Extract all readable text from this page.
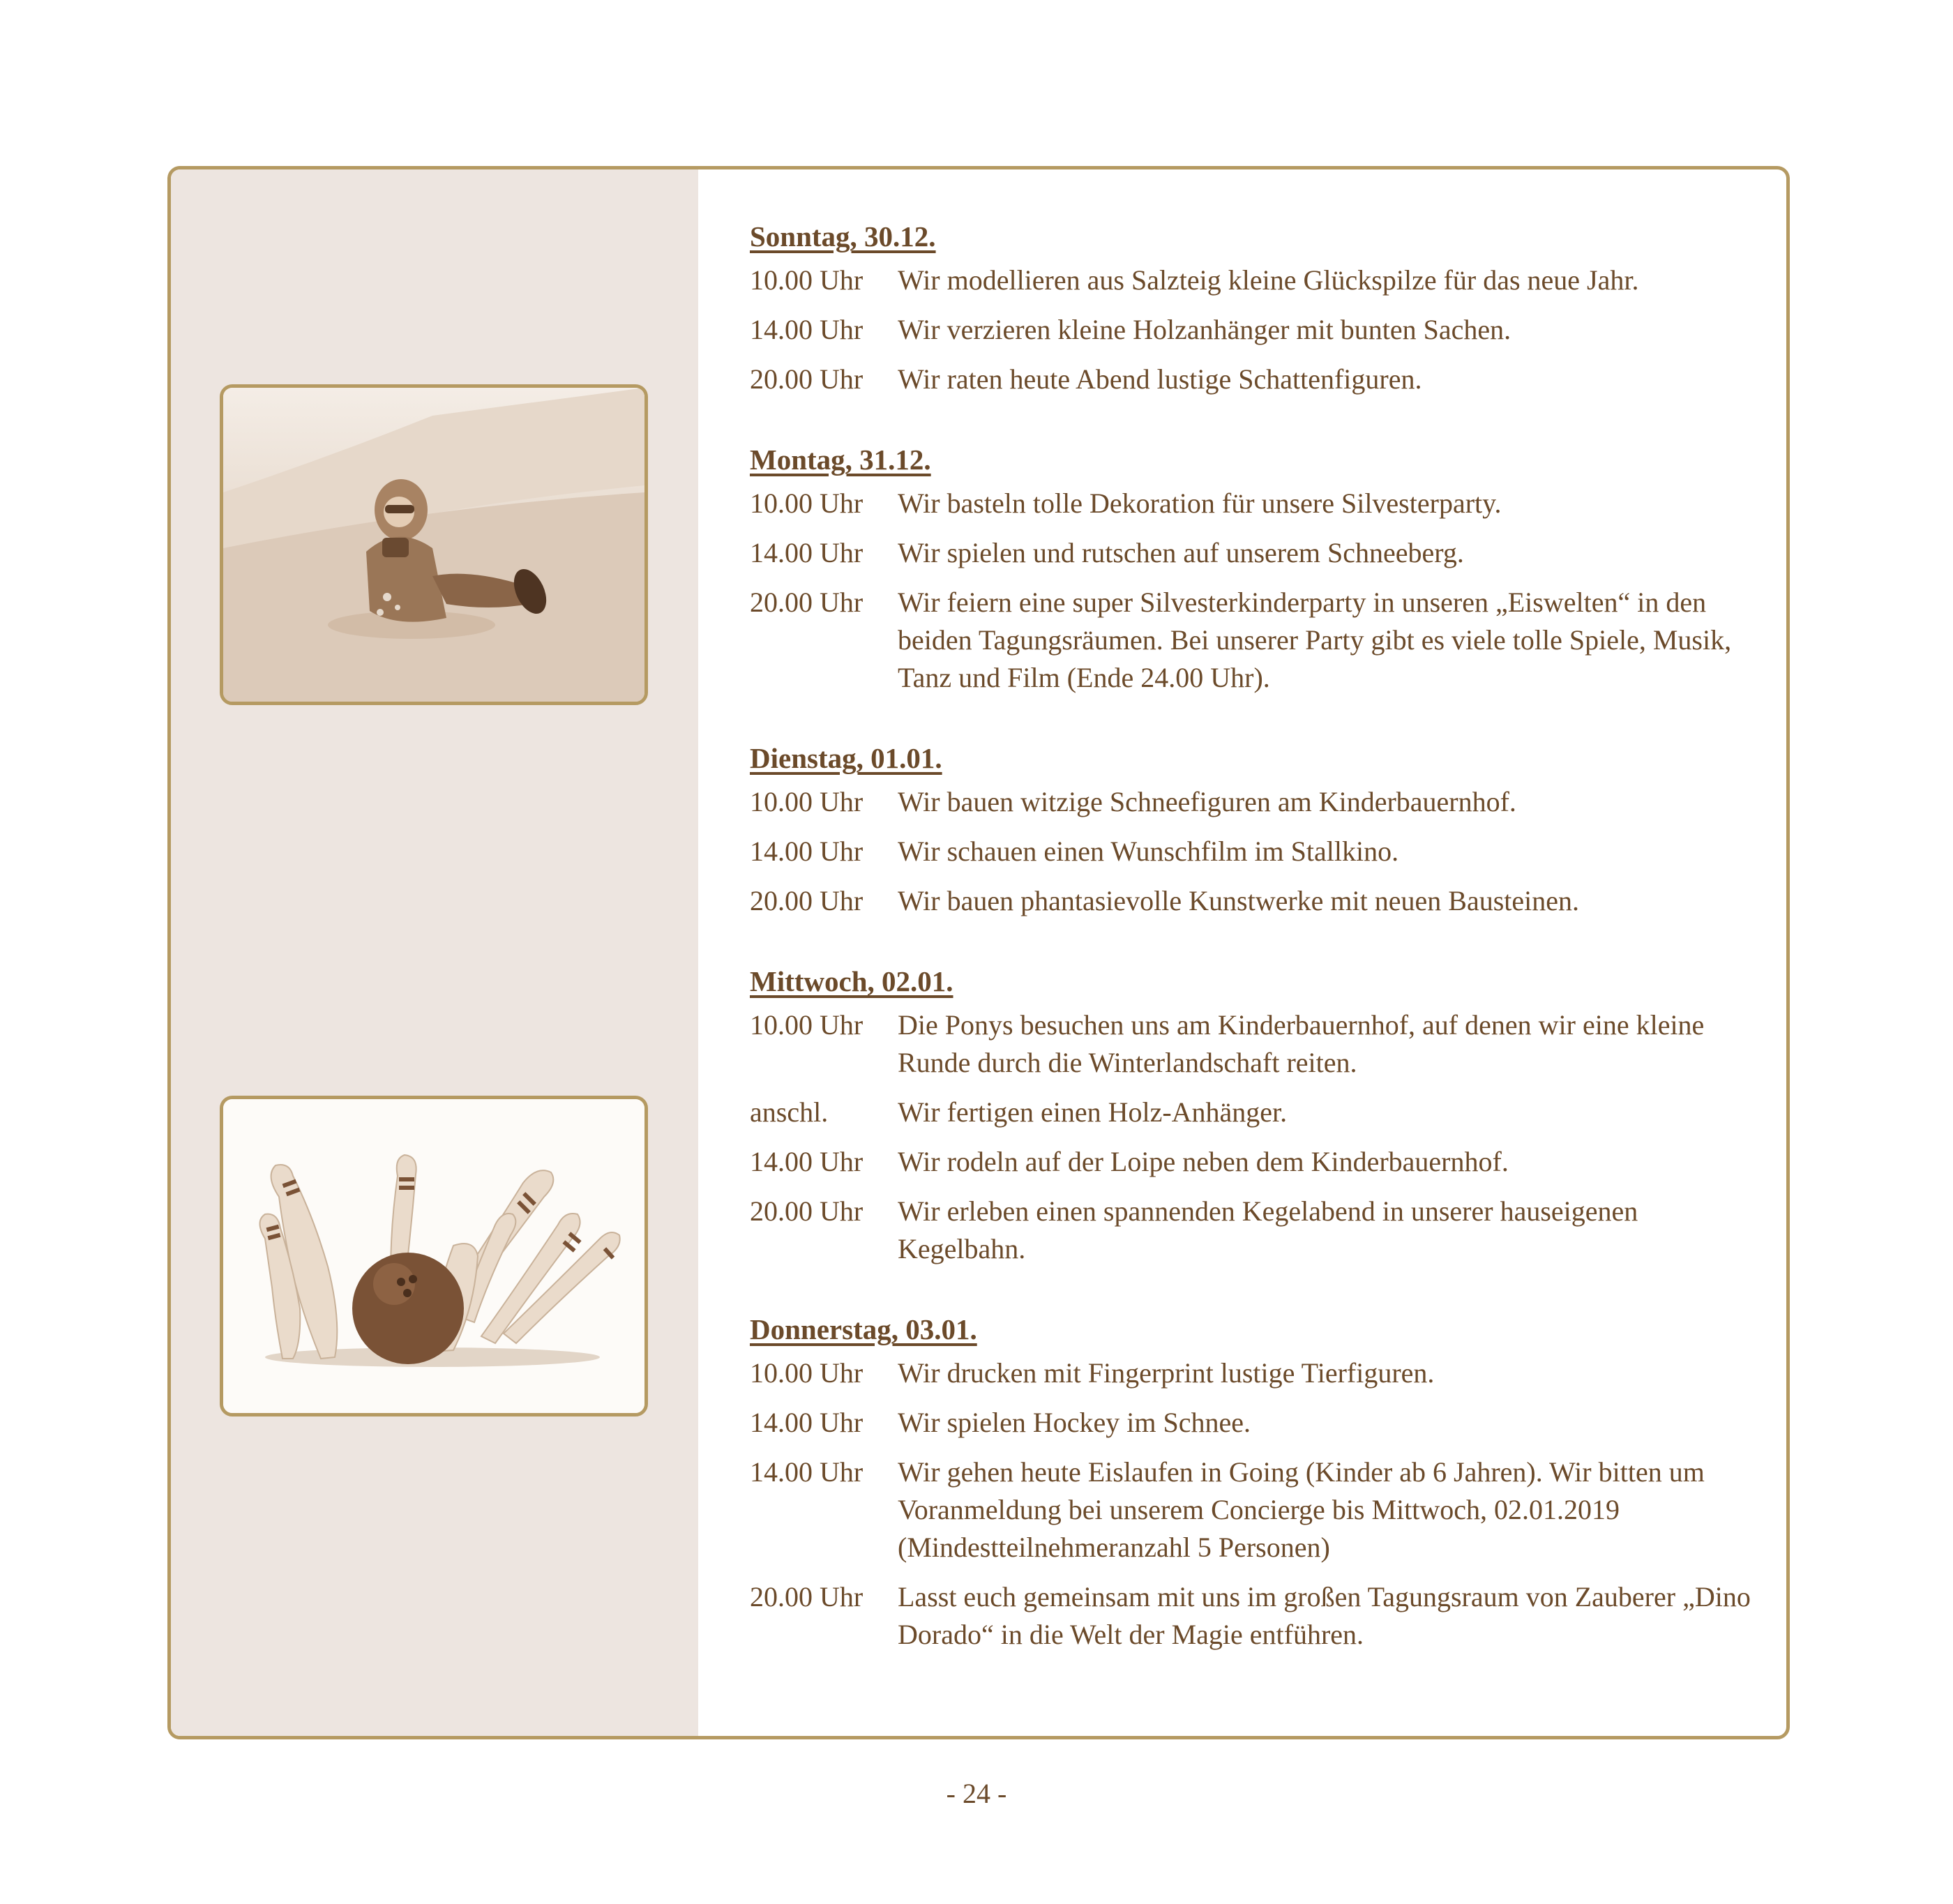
Sonntag, 30.12.
10.00 Uhr	Wir modellieren aus Salzteig kleine Glückspilze für das neue Jahr.
14.00 Uhr	Wir verzieren kleine Holzanhänger mit bunten Sachen.
20.00 Uhr	Wir raten heute Abend lustige Schattenfiguren.
Montag, 31.12.
10.00 Uhr	Wir basteln tolle Dekoration für unsere Silvesterparty.
14.00 Uhr	Wir spielen und rutschen auf unserem Schneeberg.
20.00 Uhr	Wir feiern eine super Silvesterkinderparty in unseren „Eiswelten“ in den beiden Tagungsräumen. Bei unserer Party gibt es viele tolle Spiele, Musik, Tanz und Film (Ende 24.00 Uhr).
Dienstag, 01.01.
10.00 Uhr	Wir bauen witzige Schneefiguren am Kinderbauernhof.
14.00 Uhr	Wir schauen einen Wunschfilm im Stallkino.
20.00 Uhr	Wir bauen phantasievolle Kunstwerke mit neuen Bausteinen.
Mittwoch, 02.01.
10.00 Uhr	Die Ponys besuchen uns am Kinderbauernhof, auf denen wir eine kleine Runde durch die Winterlandschaft reiten.
anschl.	Wir fertigen einen Holz-Anhänger.
14.00 Uhr	Wir rodeln auf der Loipe neben dem Kinderbauernhof.
20.00 Uhr	Wir erleben einen spannenden Kegelabend in unserer hauseigenen Kegelbahn.
Donnerstag, 03.01.
10.00 Uhr	Wir drucken mit Fingerprint lustige Tierfiguren.
14.00 Uhr	Wir spielen Hockey im Schnee.
14.00 Uhr	Wir gehen heute Eislaufen in Going (Kinder ab 6 Jahren). Wir bitten um Voranmeldung bei unserem Concierge bis Mittwoch, 02.01.2019 (Mindestteilnehmeranzahl 5 Personen)
20.00 Uhr	Lasst euch gemeinsam mit uns im großen Tagungsraum von Zauberer „Dino Dorado“ in die Welt der Magie entführen.
- 24 -
